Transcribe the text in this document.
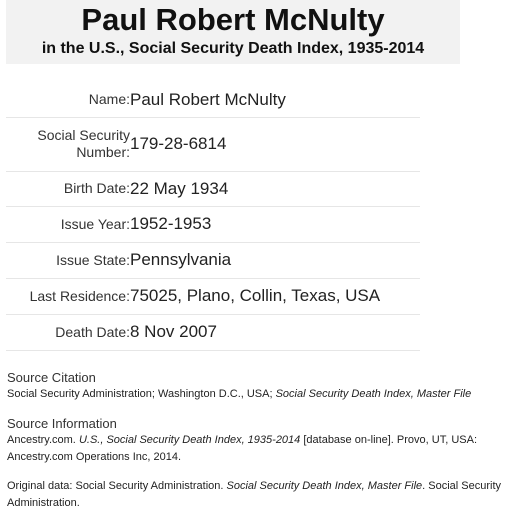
Paul Robert McNulty
in the U.S., Social Security Death Index, 1935-2014
Name:	Paul Robert McNulty
Social Security Number:	179-28-6814
Birth Date:	22 May 1934
Issue Year:	1952-1953
Issue State:	Pennsylvania
Last Residence:	75025, Plano, Collin, Texas, USA
Death Date:	8 Nov 2007
Source Citation
Social Security Administration; Washington D.C., USA; Social Security Death Index, Master File
Source Information
Ancestry.com. U.S., Social Security Death Index, 1935-2014 [database on-line]. Provo, UT, USA: Ancestry.com Operations Inc, 2014.
Original data: Social Security Administration. Social Security Death Index, Master File. Social Security Administration.
